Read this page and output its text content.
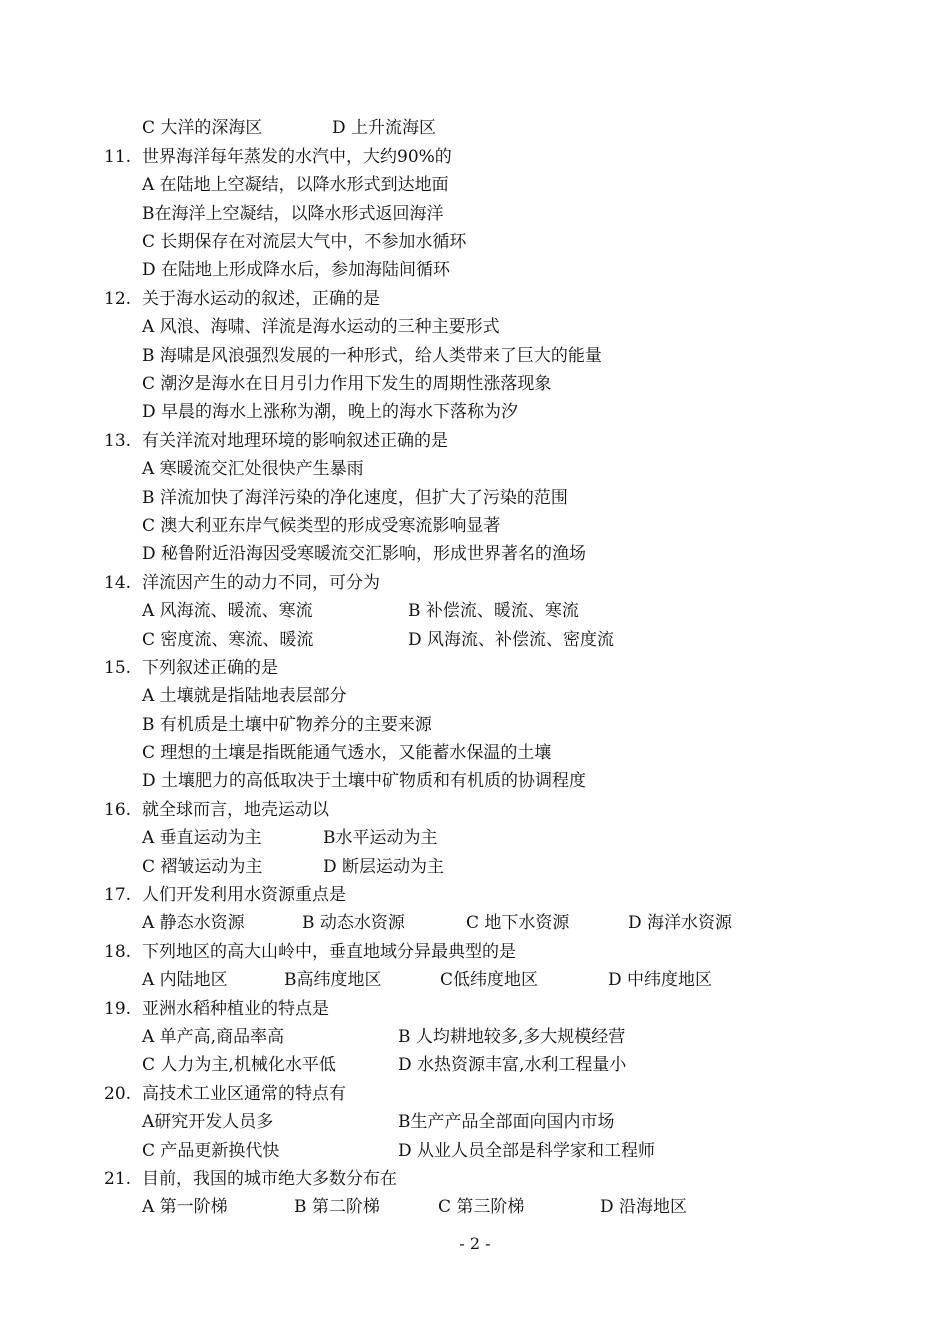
C 大洋的深海区	D 上升流海区
11. 世界海洋每年蒸发的水汽中，大约90%的
A 在陆地上空凝结，以降水形式到达地面
B在海洋上空凝结，以降水形式返回海洋
C 长期保存在对流层大气中，不参加水循环
D 在陆地上形成降水后，参加海陆间循环
12. 关于海水运动的叙述，正确的是
A 风浪、海啸、洋流是海水运动的三种主要形式
B 海啸是风浪强烈发展的一种形式，给人类带来了巨大的能量
C 潮汐是海水在日月引力作用下发生的周期性涨落现象
D 早晨的海水上涨称为潮，晚上的海水下落称为汐
13. 有关洋流对地理环境的影响叙述正确的是
A 寒暖流交汇处很快产生暴雨
B 洋流加快了海洋污染的净化速度，但扩大了污染的范围
C 澳大利亚东岸气候类型的形成受寒流影响显著
D 秘鲁附近沿海因受寒暖流交汇影响，形成世界著名的渔场
14. 洋流因产生的动力不同，可分为
A 风海流、暖流、寒流	B 补偿流、暖流、寒流
C 密度流、寒流、暖流	D 风海流、补偿流、密度流
15. 下列叙述正确的是
A 土壤就是指陆地表层部分
B 有机质是土壤中矿物养分的主要来源
C 理想的土壤是指既能通气透水，又能蓄水保温的土壤
D 土壤肥力的高低取决于土壤中矿物质和有机质的协调程度
16. 就全球而言，地壳运动以
A 垂直运动为主	B水平运动为主
C 褶皱运动为主	D 断层运动为主
17. 人们开发利用水资源重点是
A 静态水资源	B 动态水资源	C 地下水资源	D 海洋水资源
18. 下列地区的高大山岭中，垂直地域分异最典型的是
A 内陆地区	B高纬度地区	C低纬度地区	D 中纬度地区
19. 亚洲水稻种植业的特点是
A 单产高,商品率高	B 人均耕地较多,多大规模经营
C 人力为主,机械化水平低	D 水热资源丰富,水利工程量小
20. 高技术工业区通常的特点有
A研究开发人员多	B生产产品全部面向国内市场
C 产品更新换代快	D 从业人员全部是科学家和工程师
21. 目前，我国的城市绝大多数分布在
A 第一阶梯	B 第二阶梯	C 第三阶梯	D 沿海地区
- 2 -
